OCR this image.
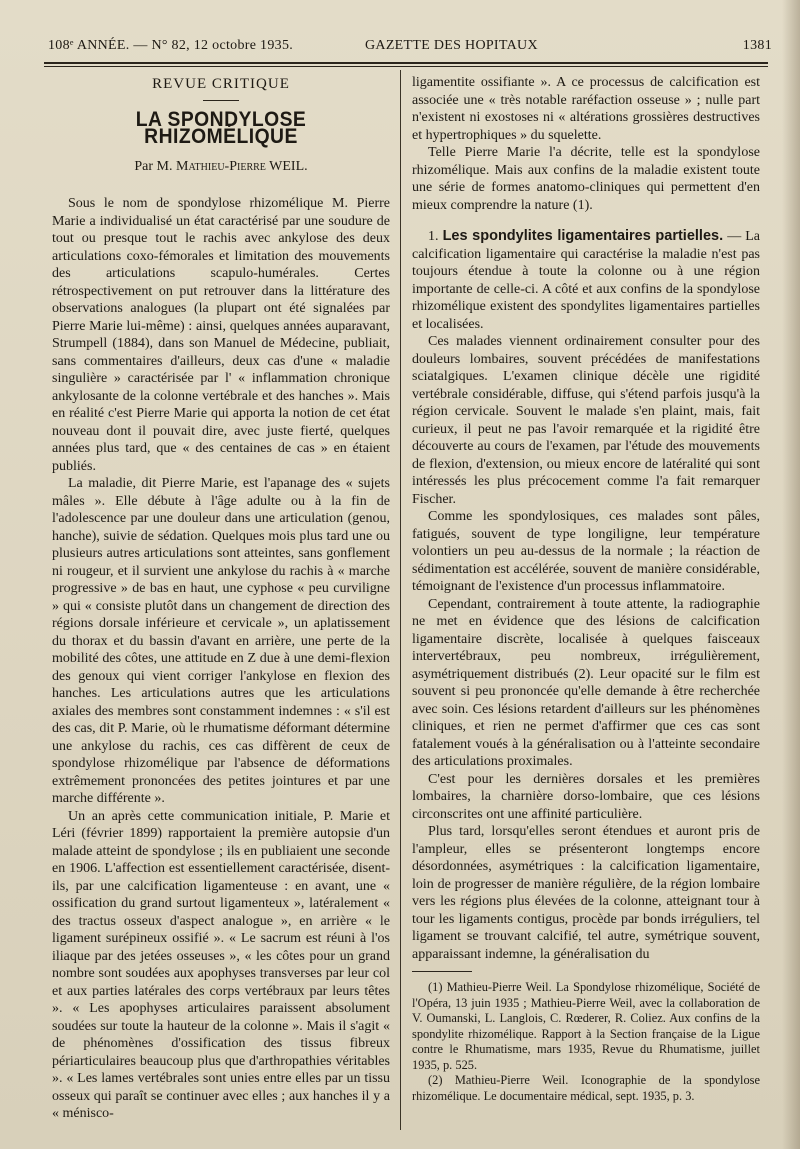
108ᵉ ANNÉE. — N° 82, 12 octobre 1935.	GAZETTE DES HOPITAUX	1381
REVUE CRITIQUE
LA SPONDYLOSE RHIZOMÉLIQUE
Par M. Mathieu-Pierre WEIL.

Sous le nom de spondylose rhizomélique M. Pierre Marie a individualisé un état caractérisé par une soudure de tout ou presque tout le rachis avec ankylose des deux articulations coxo-fémorales et limitation des mouvements des articulations scapulo-humérales. Certes rétrospectivement on put retrouver dans la littérature des observations analogues (la plupart ont été signalées par Pierre Marie lui-même) : ainsi, quelques années auparavant, Strumpell (1884), dans son Manuel de Médecine, publiait, sans commentaires d'ailleurs, deux cas d'une « maladie singulière » caractérisée par l' « inflammation chronique ankylosante de la colonne vertébrale et des hanches ». Mais en réalité c'est Pierre Marie qui apporta la notion de cet état nouveau dont il pouvait dire, avec juste fierté, quelques années plus tard, que « des centaines de cas » en étaient publiés.

La maladie, dit Pierre Marie, est l'apanage des « sujets mâles ». Elle débute à l'âge adulte ou à la fin de l'adolescence par une douleur dans une articulation (genou, hanche), suivie de sédation. Quelques mois plus tard une ou plusieurs autres articulations sont atteintes, sans gonflement ni rougeur, et il survient une ankylose du rachis à « marche progressive » de bas en haut, une cyphose « peu curviligne » qui « consiste plutôt dans un changement de direction des régions dorsale inférieure et cervicale », un aplatissement du thorax et du bassin d'avant en arrière, une perte de la mobilité des côtes, une attitude en Z due à une demi-flexion des genoux qui vient corriger l'ankylose en flexion des hanches. Les articulations autres que les articulations axiales des membres sont constamment indemnes : « s'il est des cas, dit P. Marie, où le rhumatisme déformant détermine une ankylose du rachis, ces cas diffèrent de ceux de spondylose rhizomélique par l'absence de déformations extrêmement prononcées des petites jointures et par une marche différente ».

Un an après cette communication initiale, P. Marie et Léri (février 1899) rapportaient la première autopsie d'un malade atteint de spondylose ; ils en publiaient une seconde en 1906. L'affection est essentiellement caractérisée, disent-ils, par une calcification ligamenteuse : en avant, une « ossification du grand surtout ligamenteux », latéralement « des tractus osseux d'aspect analogue », en arrière « le ligament surépineux ossifié ». « Le sacrum est réuni à l'os iliaque par des jetées osseuses », « les côtes pour un grand nombre sont soudées aux apophyses transverses par leur col et aux parties latérales des corps vertébraux par leurs têtes ». « Les apophyses articulaires paraissent absolument soudées sur toute la hauteur de la colonne ». Mais il s'agit « de phénomènes d'ossification des tissus fibreux périarticulaires beaucoup plus que d'arthropathies véritables ». « Les lames vertébrales sont unies entre elles par un tissu osseux qui paraît se continuer avec elles ; aux hanches il y a « ménisco-

ligamentite ossifiante ». A ce processus de calcification est associée une « très notable raréfaction osseuse » ; nulle part n'existent ni exostoses ni « altérations grossières destructives et hypertrophiques » du squelette.

Telle Pierre Marie l'a décrite, telle est la spondylose rhizomélique. Mais aux confins de la maladie existent toute une série de formes anatomo-cliniques qui permettent d'en mieux comprendre la nature (1).

1. Les spondylites ligamentaires partielles. — La calcification ligamentaire qui caractérise la maladie n'est pas toujours étendue à toute la colonne ou à une région importante de celle-ci. A côté et aux confins de la spondylose rhizomélique existent des spondylites ligamentaires partielles et localisées.

Ces malades viennent ordinairement consulter pour des douleurs lombaires, souvent précédées de manifestations sciatalgiques. L'examen clinique décèle une rigidité vertébrale considérable, diffuse, qui s'étend parfois jusqu'à la région cervicale. Souvent le malade s'en plaint, mais, fait curieux, il peut ne pas l'avoir remarquée et la rigidité être découverte au cours de l'examen, par l'étude des mouvements de flexion, d'extension, ou mieux encore de latéralité qui sont intéressés les plus précocement comme l'a fait remarquer Fischer.

Comme les spondylosiques, ces malades sont pâles, fatigués, souvent de type longiligne, leur température volontiers un peu au-dessus de la normale ; la réaction de sédimentation est accélérée, souvent de manière considérable, témoignant de l'existence d'un processus inflammatoire.

Cependant, contrairement à toute attente, la radiographie ne met en évidence que des lésions de calcification ligamentaire discrète, localisée à quelques faisceaux intervertébraux, peu nombreux, irrégulièrement, asymétriquement distribués (2). Leur opacité sur le film est souvent si peu prononcée qu'elle demande à être recherchée avec soin. Ces lésions retardent d'ailleurs sur les phénomènes cliniques, et rien ne permet d'affirmer que ces cas sont fatalement voués à la généralisation ou à l'atteinte secondaire des articulations proximales.

C'est pour les dernières dorsales et les premières lombaires, la charnière dorso-lombaire, que ces lésions circonscrites ont une affinité particulière.

Plus tard, lorsqu'elles seront étendues et auront pris de l'ampleur, elles se présenteront longtemps encore désordonnées, asymétriques : la calcification ligamentaire, loin de progresser de manière régulière, de la région lombaire vers les régions plus élevées de la colonne, atteignant tour à tour les ligaments contigus, procède par bonds irréguliers, tel ligament se trouvant calcifié, tel autre, symétrique souvent, apparaissant indemne, la généralisation du

(1) Mathieu-Pierre Weil. La Spondylose rhizomélique, Société de l'Opéra, 13 juin 1935 ; Mathieu-Pierre Weil, avec la collaboration de V. Oumanski, L. Langlois, C. Rœderer, R. Coliez. Aux confins de la spondylite rhizomélique. Rapport à la Section française de la Ligue contre le Rhumatisme, mars 1935, Revue du Rhumatisme, juillet 1935, p. 525.

(2) Mathieu-Pierre Weil. Iconographie de la spondylose rhizomélique. Le documentaire médical, sept. 1935, p. 3.
